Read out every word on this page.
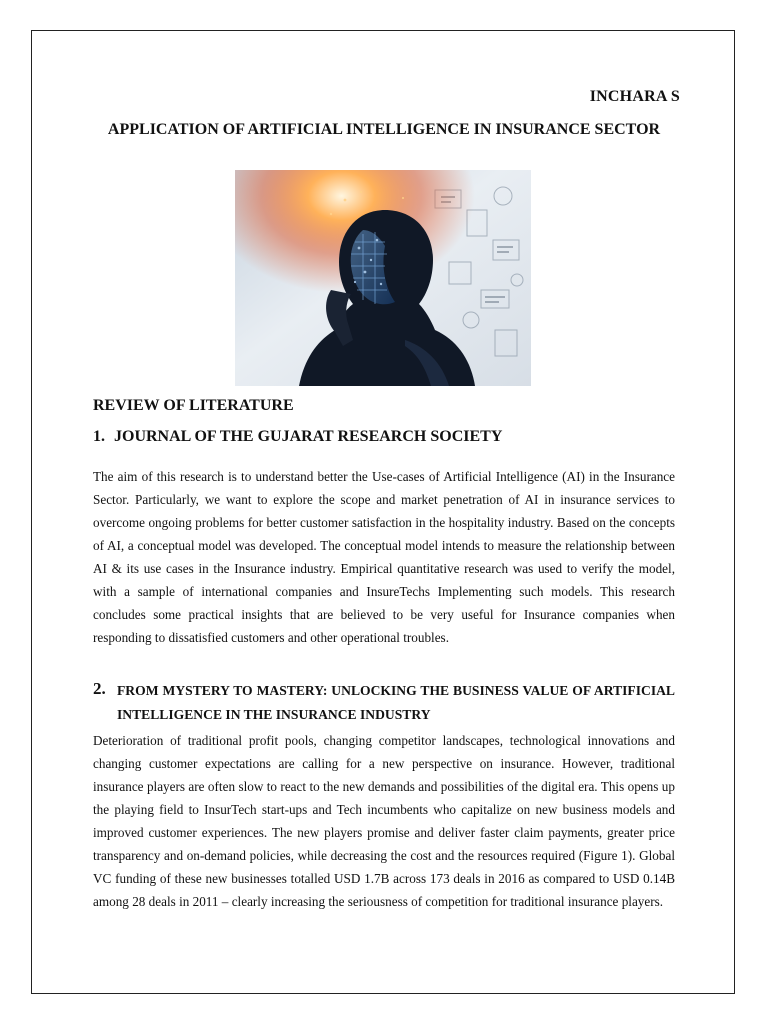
INCHARA S
APPLICATION OF ARTIFICIAL INTELLIGENCE IN INSURANCE SECTOR
REVIEW OF LITERATURE
1. JOURNAL OF THE GUJARAT RESEARCH SOCIETY

The aim of this research is to understand better the Use-cases of Artificial Intelligence (AI) in the Insurance Sector. Particularly, we want to explore the scope and market penetration of AI in insurance services to overcome ongoing problems for better customer satisfaction in the hospitality industry. Based on the concepts of AI, a conceptual model was developed. The conceptual model intends to measure the relationship between AI & its use cases in the Insurance industry. Empirical quantitative research was used to verify the model, with a sample of international companies and InsureTechs Implementing such models. This research concludes some practical insights that are believed to be very useful for Insurance companies when responding to dissatisfied customers and other operational troubles.

2. FROM MYSTERY TO MASTERY: UNLOCKING THE BUSINESS VALUE OF ARTIFICIAL INTELLIGENCE IN THE INSURANCE INDUSTRY

Deterioration of traditional profit pools, changing competitor landscapes, technological innovations and changing customer expectations are calling for a new perspective on insurance. However, traditional insurance players are often slow to react to the new demands and possibilities of the digital era. This opens up the playing field to InsurTech start-ups and Tech incumbents who capitalize on new business models and improved customer experiences. The new players promise and deliver faster claim payments, greater price transparency and on-demand policies, while decreasing the cost and the resources required (Figure 1). Global VC funding of these new businesses totalled USD 1.7B across 173 deals in 2016 as compared to USD 0.14B among 28 deals in 2011 – clearly increasing the seriousness of competition for traditional insurance players.
